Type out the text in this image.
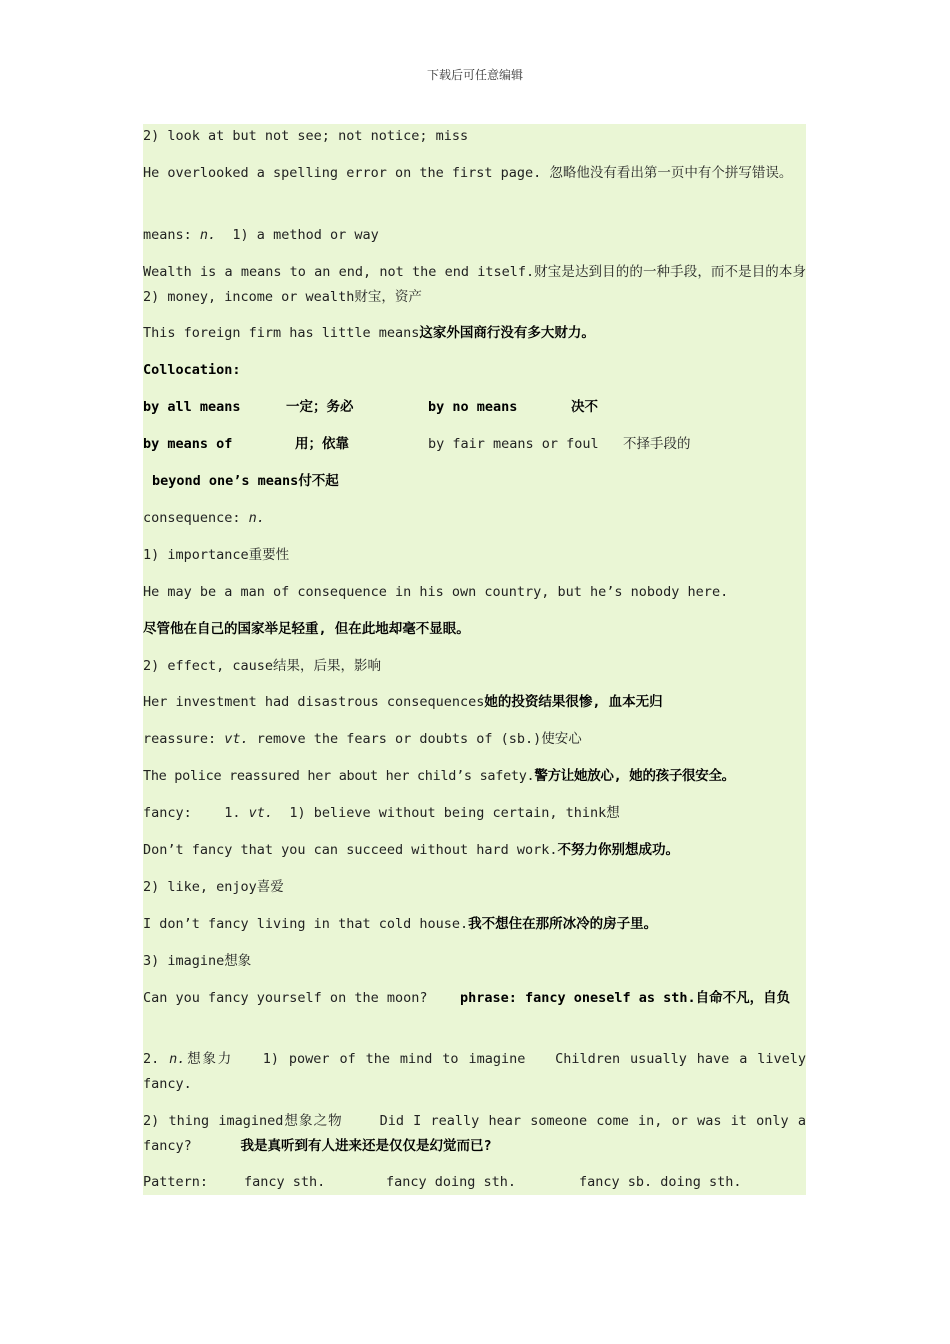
下载后可任意编辑
2) look at but not see; not notice; miss
He overlooked a spelling error on the first page. 忽略他没有看出第一页中有个拼写错误。
means: n.  1) a method or way
Wealth is a means to an end, not the end itself.财宝是达到目的的一种手段，而不是目的本身    2) money, income or wealth财宝，资产
This foreign firm has little means这家外国商行没有多大财力。
Collocation:
by all means	一定；务必	by no means	决不
by means of	用；依靠	by fair means or foul 不择手段的
beyond one’s means付不起
consequence: n.
1) importance重要性
He may be a man of consequence in his own country, but he’s nobody here.
尽管他在自己的国家举足轻重, 但在此地却毫不显眼。
2) effect, cause结果，后果，影响
Her investment had disastrous consequences她的投资结果很惨, 血本无归
reassure: vt. remove the fears or doubts of (sb.)使安心
The police reassured her about her child’s safety.警方让她放心, 她的孩子很安全。
fancy:    1. vt.  1) believe without being certain, think想
Don’t fancy that you can succeed without hard work.不努力你别想成功。
2) like, enjoy喜爱
I don’t fancy living in that cold house.我不想住在那所冰冷的房子里。
3) imagine想象
Can you fancy yourself on the moon?    phrase: fancy oneself as sth.自命不凡，自负
2. n.想象力   1) power of the mind to imagine   Children usually have a lively fancy.
2) thing imagined想象之物    Did I really hear someone come in, or was it only a fancy?      我是真听到有人进来还是仅仅是幻觉而已?
Pattern:	fancy sth.	fancy doing sth.	fancy sb. doing sth.
